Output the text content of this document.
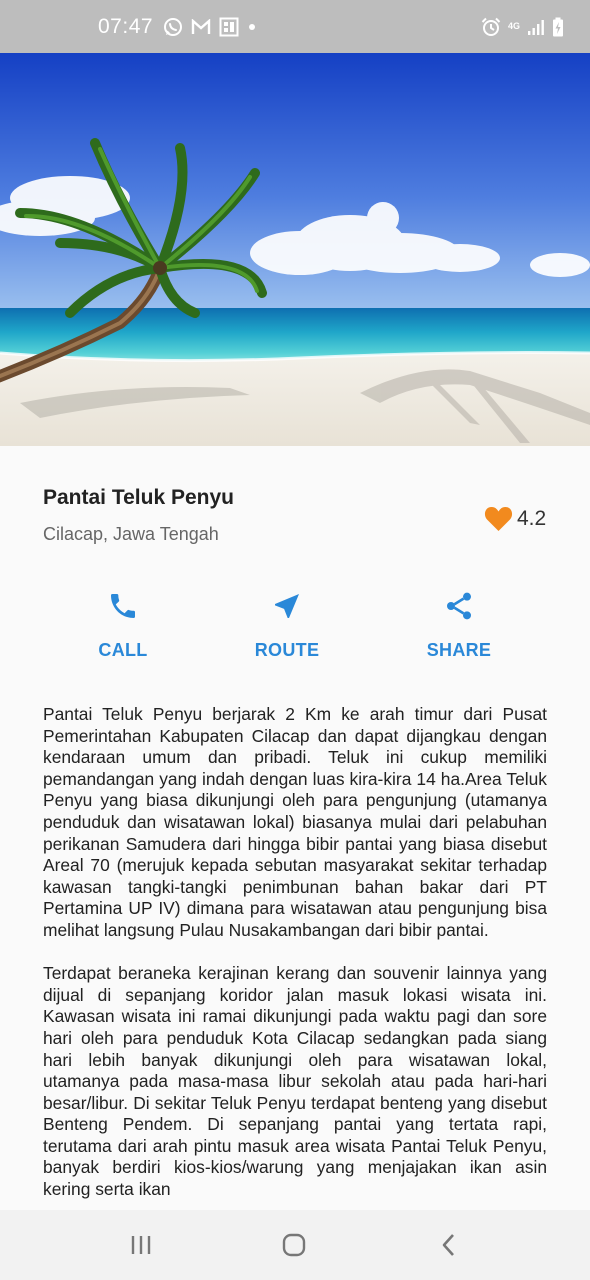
07:47	4G
Pantai Teluk Penyu
Cilacap, Jawa Tengah
4.2
CALL	ROUTE	SHARE

Pantai Teluk Penyu berjarak 2 Km ke arah timur dari Pusat Pemerintahan Kabupaten Cilacap dan dapat dijangkau dengan kendaraan umum dan pribadi. Teluk ini cukup memiliki pemandangan yang indah dengan luas kira-kira 14 ha.Area Teluk Penyu yang biasa dikunjungi oleh para pengunjung (utamanya penduduk dan wisatawan lokal) biasanya mulai dari pelabuhan perikanan Samudera dari hingga bibir pantai yang biasa disebut Areal 70 (merujuk kepada sebutan masyarakat sekitar terhadap kawasan tangki-tangki penimbunan bahan bakar dari PT Pertamina UP IV) dimana para wisatawan atau pengunjung bisa melihat langsung Pulau Nusakambangan dari bibir pantai.

Terdapat beraneka kerajinan kerang dan souvenir lainnya yang dijual di sepanjang koridor jalan masuk lokasi wisata ini. Kawasan wisata ini ramai dikunjungi pada waktu pagi dan sore hari oleh para penduduk Kota Cilacap sedangkan pada siang hari lebih banyak dikunjungi oleh para wisatawan lokal, utamanya pada masa-masa libur sekolah atau pada hari-hari besar/libur. Di sekitar Teluk Penyu terdapat benteng yang disebut Benteng Pendem. Di sepanjang pantai yang tertata rapi, terutama dari arah pintu masuk area wisata Pantai Teluk Penyu, banyak berdiri kios-kios/warung yang menjajakan ikan asin kering serta ikan
